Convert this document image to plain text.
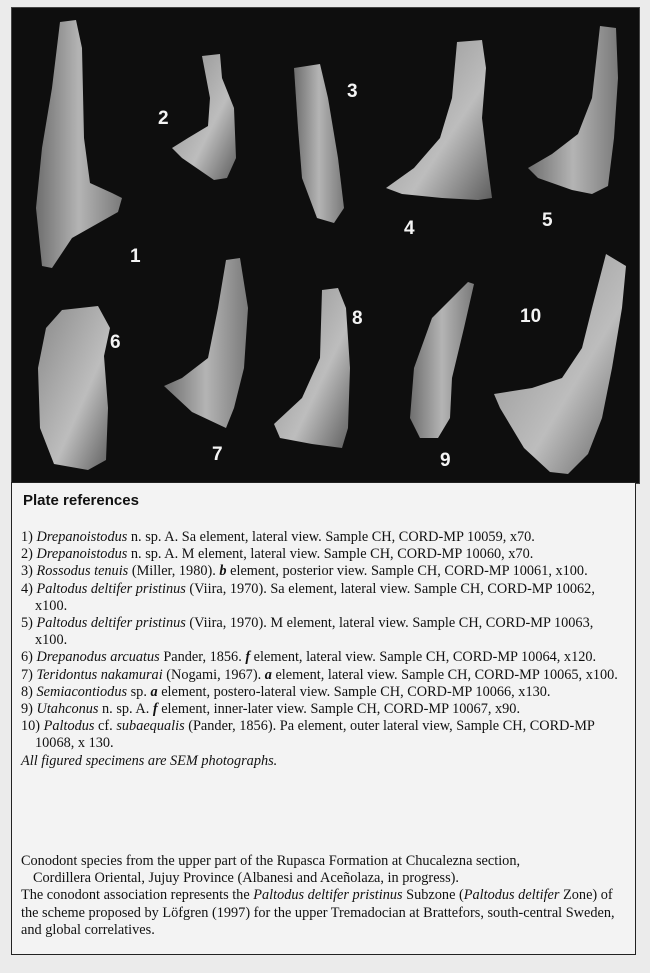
1
2
3
4	5
6
7
8
9
10
Plate references
1) Drepanoistodus n. sp. A. Sa element, lateral view. Sample CH, CORD-MP 10059, x70.
2) Drepanoistodus n. sp. A. M element, lateral view. Sample CH, CORD-MP 10060, x70.
3) Rossodus tenuis (Miller, 1980). b element, posterior view. Sample CH, CORD-MP 10061, x100.
4) Paltodus deltifer pristinus (Viira, 1970). Sa element, lateral view. Sample CH, CORD-MP 10062, x100.
5) Paltodus deltifer pristinus (Viira, 1970). M element, lateral view. Sample CH, CORD-MP 10063, x100.
6) Drepanodus arcuatus Pander, 1856. f element, lateral view. Sample CH, CORD-MP 10064, x120.
7) Teridontus nakamurai (Nogami, 1967). a element, lateral view. Sample CH, CORD-MP 10065, x100.
8) Semiacontiodus sp. a element, postero-lateral view. Sample CH, CORD-MP 10066, x130.
9) Utahconus n. sp. A. f element, inner-later view. Sample CH, CORD-MP 10067, x90.
10) Paltodus cf. subaequalis (Pander, 1856). Pa element, outer lateral view, Sample CH, CORD-MP 10068, x 130.
All figured specimens are SEM photographs.

Conodont species from the upper part of the Rupasca Formation at Chucalezna section,

Cordillera Oriental, Jujuy Province (Albanesi and Aceñolaza, in progress).

The conodont association represents the Paltodus deltifer pristinus Subzone (Paltodus deltifer Zone) of the scheme proposed by Löfgren (1997) for the upper Tremadocian at Brattefors, south-central Sweden, and global correlatives.
